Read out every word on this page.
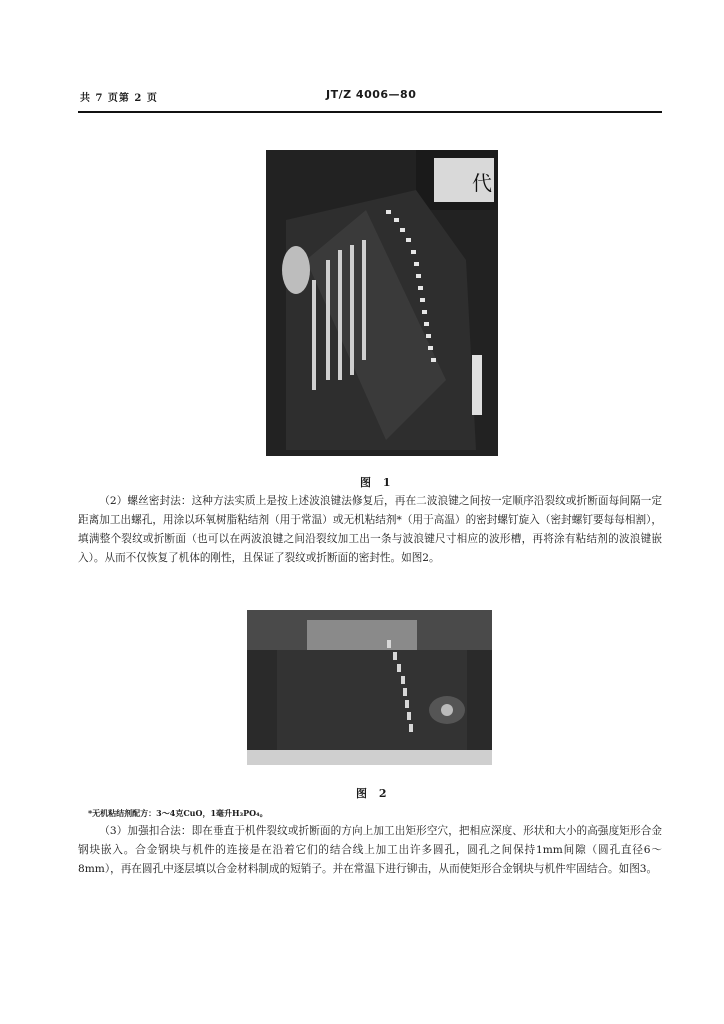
共 7 页第 2 页	JT/Z 4006—80
代
图 1

（2）螺丝密封法：这种方法实质上是按上述波浪键法修复后，再在二波浪键之间按一定顺序沿裂纹或折断面每间隔一定距离加工出螺孔，用涂以环氧树脂粘结剂（用于常温）或无机粘结剂*（用于高温）的密封螺钉旋入（密封螺钉要每每相割），填满整个裂纹或折断面（也可以在两波浪键之间沿裂纹加工出一条与波浪键尺寸相应的波形槽，再将涂有粘结剂的波浪键嵌入）。从而不仅恢复了机体的刚性，且保证了裂纹或折断面的密封性。如图2。

图 2
*无机粘结剂配方：3～4克CuO，1毫升H₃PO₄。

（3）加强扣合法：即在垂直于机件裂纹或折断面的方向上加工出矩形空穴，把相应深度、形状和大小的高强度矩形合金钢块嵌入。合金钢块与机件的连接是在沿着它们的结合线上加工出许多圆孔，圆孔之间保持1mm间隙（圆孔直径6～8mm），再在圆孔中逐层填以合金材料制成的短销子。并在常温下进行铆击，从而使矩形合金钢块与机件牢固结合。如图3。
